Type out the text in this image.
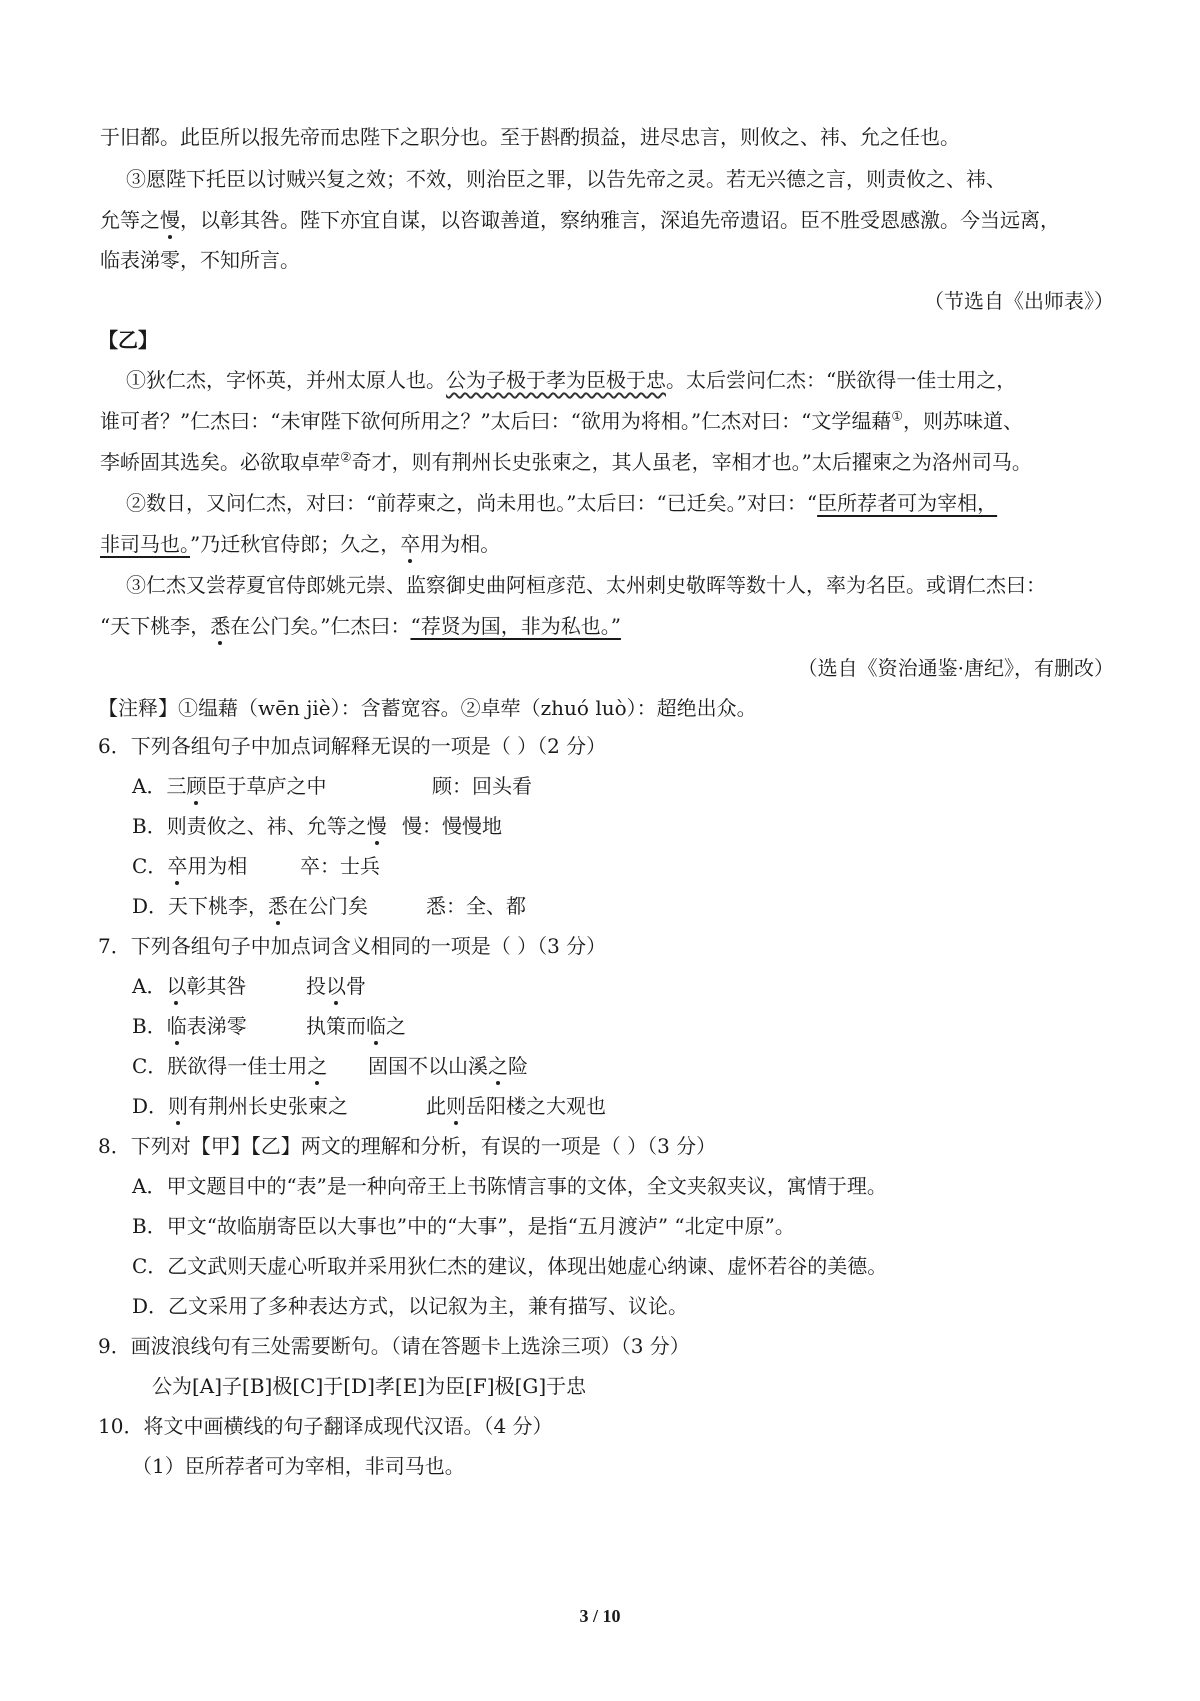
于旧都。此臣所以报先帝而忠陛下之职分也。至于斟酌损益，进尽忠言，则攸之、祎、允之任也。
③愿陛下托臣以讨贼兴复之效；不效，则治臣之罪，以告先帝之灵。若无兴德之言，则责攸之、祎、
允等之慢，以彰其咎。陛下亦宜自谋，以咨诹善道，察纳雅言，深追先帝遗诏。臣不胜受恩感激。今当远离，
临表涕零，不知所言。
（节选自《出师表》）
【乙】
①狄仁杰，字怀英，并州太原人也。公为子极于孝为臣极于忠。太后尝问仁杰：“朕欲得一佳士用之，
谁可者？”仁杰曰：“未审陛下欲何所用之？”太后曰：“欲用为将相。”仁杰对曰：“文学缊藉①，则苏味道、
李峤固其选矣。必欲取卓荦②奇才，则有荆州长史张柬之，其人虽老，宰相才也。”太后擢柬之为洛州司马。
②数日，又问仁杰，对曰：“前荐柬之，尚未用也。”太后曰：“已迁矣。”对曰：“臣所荐者可为宰相，
非司马也。”乃迁秋官侍郎；久之，卒用为相。
③仁杰又尝荐夏官侍郎姚元崇、监察御史曲阿桓彦范、太州刺史敬晖等数十人，率为名臣。或谓仁杰曰：
“天下桃李，悉在公门矣。”仁杰曰：“荐贤为国，非为私也。”
（选自《资治通鉴·唐纪》，有删改）
【注释】①缊藉（wēn jiè）：含蓄宽容。②卓荦（zhuó luò）：超绝出众。
6．下列各组句子中加点词解释无误的一项是（ ）（2 分）
A．三顾臣于草庐之中	顾：回头看
B．则责攸之、祎、允等之慢 慢：慢慢地
C．卒用为相	卒：士兵
D．天下桃李，悉在公门矣	悉：全、都
7．下列各组句子中加点词含义相同的一项是（ ）（3 分）
A．以彰其咎	投以骨
B．临表涕零	执策而临之
C．朕欲得一佳士用之 固国不以山溪之险
D．则有荆州长史张柬之	此则岳阳楼之大观也
8．下列对【甲】【乙】两文的理解和分析，有误的一项是（ ）（3 分）
A．甲文题目中的“表”是一种向帝王上书陈情言事的文体，全文夹叙夹议，寓情于理。
B．甲文“故临崩寄臣以大事也”中的“大事”，是指“五月渡泸” “北定中原”。
C．乙文武则天虚心听取并采用狄仁杰的建议，体现出她虚心纳谏、虚怀若谷的美德。
D．乙文采用了多种表达方式，以记叙为主，兼有描写、议论。
9．画波浪线句有三处需要断句。（请在答题卡上选涂三项）（3 分）
公为[A]子[B]极[C]于[D]孝[E]为臣[F]极[G]于忠
10．将文中画横线的句子翻译成现代汉语。（4 分）
（1）臣所荐者可为宰相，非司马也。
3 / 10
